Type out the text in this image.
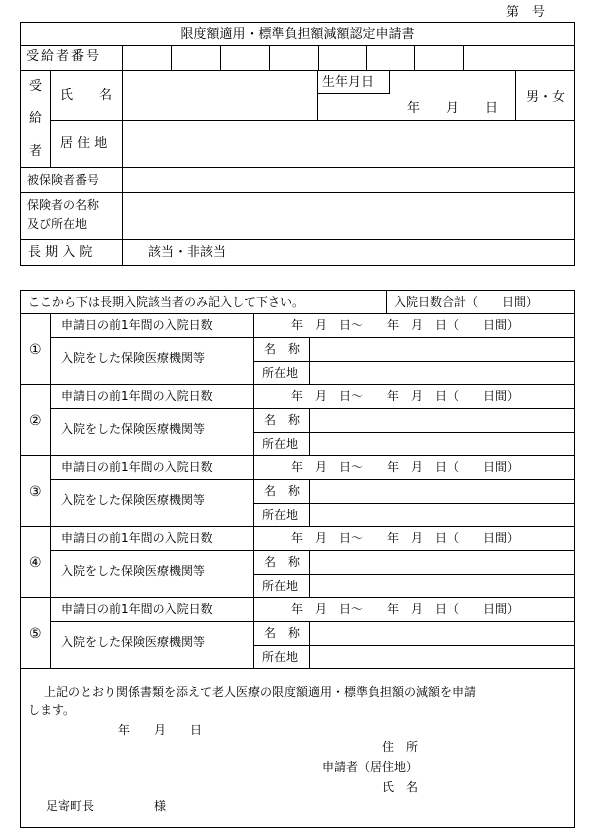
第　号
限度額適用・標準負担額減額認定申請書
受給者番号
受
給
者
氏　　名
生年月日
年　　月　　日
男・女
居 住 地
被保険者番号
保険者の名称
及び所在地
長 期 入 院	該当・非該当
ここから下は長期入院該当者のみ記入して下さい。	入院日数合計（　　日間）
①
申請日の前1年間の入院日数	年　月　日～　　年　月　日（　　日間）
入院をした保険医療機関等
名　称
所在地
②
申請日の前1年間の入院日数	年　月　日～　　年　月　日（　　日間）
入院をした保険医療機関等
名　称
所在地
③
申請日の前1年間の入院日数	年　月　日～　　年　月　日（　　日間）
入院をした保険医療機関等
名　称
所在地
④
申請日の前1年間の入院日数	年　月　日～　　年　月　日（　　日間）
入院をした保険医療機関等
名　称
所在地
⑤
申請日の前1年間の入院日数	年　月　日～　　年　月　日（　　日間）
入院をした保険医療機関等
名　称
所在地
上記のとおり関係書類を添えて老人医療の限度額適用・標準負担額の減額を申請
します。
年　　月　　日
住　所
申請者（居住地）
氏　名
足寄町長　　　　　様
